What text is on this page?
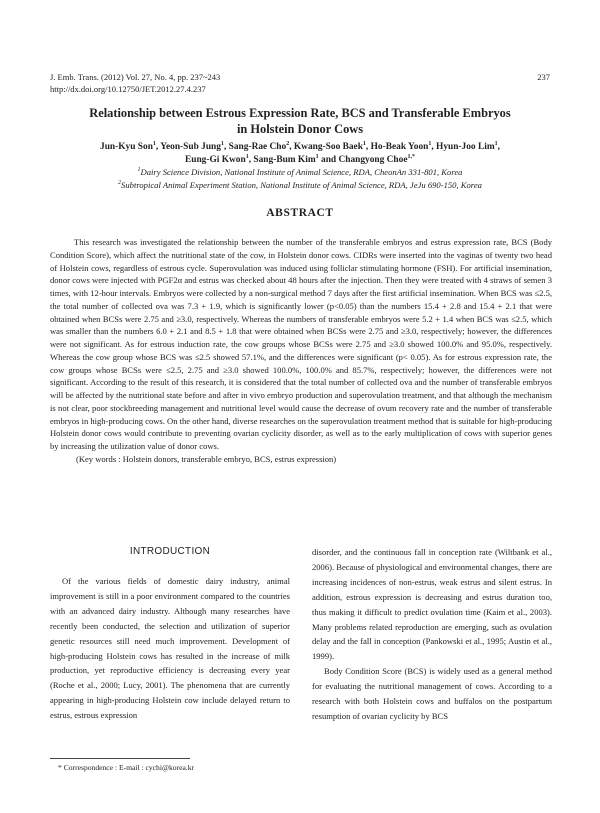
J. Emb. Trans. (2012) Vol. 27, No. 4, pp. 237~243
http://dx.doi.org/10.12750/JET.2012.27.4.237
237
Relationship between Estrous Expression Rate, BCS and Transferable Embryos
in Holstein Donor Cows
Jun-Kyu Son$^1$, Yeon-Sub Jung$^1$, Sang-Rae Cho$^2$, Kwang-Soo Baek$^1$, Ho-Beak Yoon$^1$, Hyun-Joo Lim$^1$,
Eung-Gi Kwon$^1$, Sang-Bum Kim$^1$ and Changyong Choe$^{1,*}$
$^1$Dairy Science Division, National Institute of Animal Science, RDA, CheonAn 331-801, Korea
$^2$Subtropical Animal Experiment Station, National Institute of Animal Science, RDA, JeJu 690-150, Korea
ABSTRACT

This research was investigated the relationship between the number of the transferable embryos and estrus expression rate, BCS (Body Condition Score), which affect the nutritional state of the cow, in Holstein donor cows. CIDRs were inserted into the vaginas of twenty two head of Holstein cows, regardless of estrous cycle. Superovulation was induced using folliclar stimulating hormone (FSH). For artificial insemination, donor cows were injected with PGF2α and estrus was checked about 48 hours after the injection. Then they were treated with 4 straws of semen 3 times, with 12-hour intervals. Embryos were collected by a non-surgical method 7 days after the first artificial insemination. When BCS was ≤2.5, the total number of collected ova was 7.3 + 1.9, which is significantly lower (p<0.05) than the numbers 15.4 + 2.8 and 15.4 + 2.1 that were obtained when BCSs were 2.75 and ≥3.0, respectively. Whereas the numbers of transferable embryos were 5.2 + 1.4 when BCS was ≤2.5, which was smaller than the numbers 6.0 + 2.1 and 8.5 + 1.8 that were obtained when BCSs were 2.75 and ≥3.0, respectively; however, the differences were not significant. As for estrous induction rate, the cow groups whose BCSs were 2.75 and ≥3.0 showed 100.0% and 95.0%, respectively. Whereas the cow group whose BCS was ≤2.5 showed 57.1%, and the differences were significant (p< 0.05). As for estrous expression rate, the cow groups whose BCSs were ≤2.5, 2.75 and ≥3.0 showed 100.0%, 100.0% and 85.7%, respectively; however, the differences were not significant. According to the result of this research, it is considered that the total number of collected ova and the number of transferable embryos will be affected by the nutritional state before and after in vivo embryo production and superovulation treatment, and that although the mechanism is not clear, poor stockbreeding management and nutritional level would cause the decrease of ovum recovery rate and the number of transferable embryos in high-producing cows. On the other hand, diverse researches on the superovulation treatment method that is suitable for high-producing Holstein donor cows would contribute to preventing ovarian cyclicity disorder, as well as to the early multiplication of cows with superior genes by increasing the utilization value of donor cows.

(Key words : Holstein donors, transferable embryo, BCS, estrus expression)

INTRODUCTION

Of the various fields of domestic dairy industry, animal improvement is still in a poor environment compared to the countries with an advanced dairy industry. Although many researches have recently been conducted, the selection and utilization of superior genetic resources still need much improvement. Development of high-producing Holstein cows has resulted in the increase of milk production, yet reproductive efficiency is decreasing every year (Roche et al., 2000; Lucy, 2001). The phenomena that are currently appearing in high-producing Holstein cow include delayed return to estrus, estrous expression

disorder, and the continuous fall in conception rate (Wiltbank et al., 2006). Because of physiological and environmental changes, there are increasing incidences of non-estrus, weak estrus and silent estrus. In addition, estrous expression is decreasing and estrus duration too, thus making it difficult to predict ovulation time (Kaim et al., 2003). Many problems related reproduction are emerging, such as ovulation delay and the fall in conception (Pankowski et al., 1995; Austin et al., 1999).

Body Condition Score (BCS) is widely used as a general method for evaluating the nutritional management of cows. According to a research with both Holstein cows and buffalos on the postpartum resumption of ovarian cyclicity by BCS

* Correspondence : E-mail : cychi@korea.kr
